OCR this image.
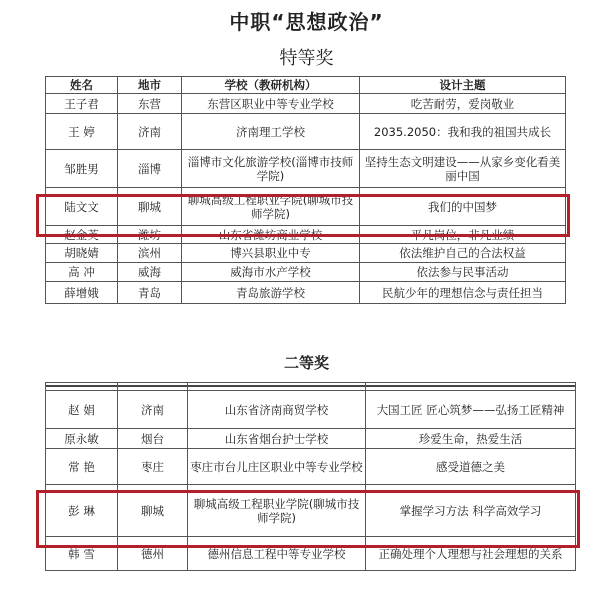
中职“思想政治”
特等奖
姓名	地市	学校（教研机构）	设计主题
王子君	东营	东营区职业中等专业学校	吃苦耐劳，爱岗敬业
王 婷	济南	济南理工学校	2035.2050：我和我的祖国共成长
邹胜男	淄博	淄博市文化旅游学校(淄博市技师学院)	坚持生态文明建设——从家乡变化看美丽中国
陆文文	聊城	聊城高级工程职业学院(聊城市技师学院)	我们的中国梦
赵金英	潍坊	山东省潍坊商业学校	平凡岗位，非凡业绩
胡晓婧	滨州	博兴县职业中专	依法维护自己的合法权益
高 冲	威海	威海市水产学校	依法参与民事活动
薛增娥	青岛	青岛旅游学校	民航少年的理想信念与责任担当
二等奖

赵 娟	济南	山东省济南商贸学校	大国工匠 匠心筑梦——弘扬工匠精神
原永敏	烟台	山东省烟台护士学校	珍爱生命，热爱生活
常 艳	枣庄	枣庄市台儿庄区职业中等专业学校	感受道德之美
彭 琳	聊城	聊城高级工程职业学院(聊城市技师学院)	掌握学习方法 科学高效学习
韩 雪	德州	德州信息工程中等专业学校	正确处理个人理想与社会理想的关系
